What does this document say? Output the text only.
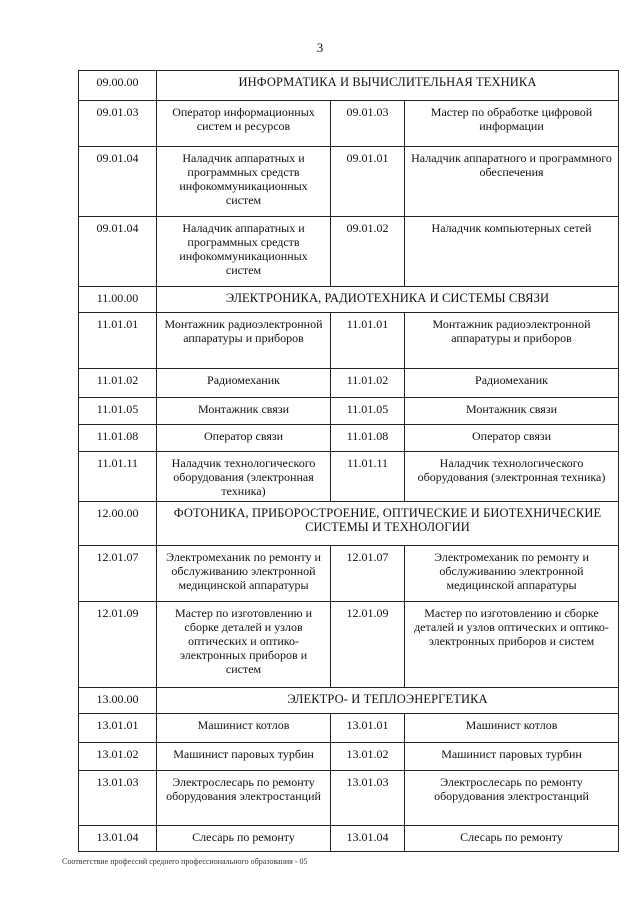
3
09.00.00	ИНФОРМАТИКА И ВЫЧИСЛИТЕЛЬНАЯ ТЕХНИКА		
09.01.03	Оператор информационных систем и ресурсов	09.01.03	Мастер по обработке цифровой информации
09.01.04	Наладчик аппаратных и программных средств инфокоммуникационных систем	09.01.01	Наладчик аппаратного и программного обеспечения
09.01.04	Наладчик аппаратных и программных средств инфокоммуникационных систем	09.01.02	Наладчик компьютерных сетей
11.00.00	ЭЛЕКТРОНИКА, РАДИОТЕХНИКА И СИСТЕМЫ СВЯЗИ		
11.01.01	Монтажник радиоэлектронной аппаратуры и приборов	11.01.01	Монтажник радиоэлектронной аппаратуры и приборов
11.01.02	Радиомеханик	11.01.02	Радиомеханик
11.01.05	Монтажник связи	11.01.05	Монтажник связи
11.01.08	Оператор связи	11.01.08	Оператор связи
11.01.11	Наладчик технологического оборудования (электронная техника)	11.01.11	Наладчик технологического оборудования (электронная техника)
12.00.00	ФОТОНИКА, ПРИБОРОСТРОЕНИЕ, ОПТИЧЕСКИЕ И БИОТЕХНИЧЕСКИЕ СИСТЕМЫ И ТЕХНОЛОГИИ		
12.01.07	Электромеханик по ремонту и обслуживанию электронной медицинской аппаратуры	12.01.07	Электромеханик по ремонту и обслуживанию электронной медицинской аппаратуры
12.01.09	Мастер по изготовлению и сборке деталей и узлов оптических и оптико-электронных приборов и систем	12.01.09	Мастер по изготовлению и сборке деталей и узлов оптических и оптико-электронных приборов и систем
13.00.00	ЭЛЕКТРО- И ТЕПЛОЭНЕРГЕТИКА		
13.01.01	Машинист котлов	13.01.01	Машинист котлов
13.01.02	Машинист паровых турбин	13.01.02	Машинист паровых турбин
13.01.03	Электрослесарь по ремонту оборудования электростанций	13.01.03	Электрослесарь по ремонту оборудования электростанций
13.01.04	Слесарь по ремонту	13.01.04	Слесарь по ремонту
Соответствие профессий среднего профессионального образования - 05
